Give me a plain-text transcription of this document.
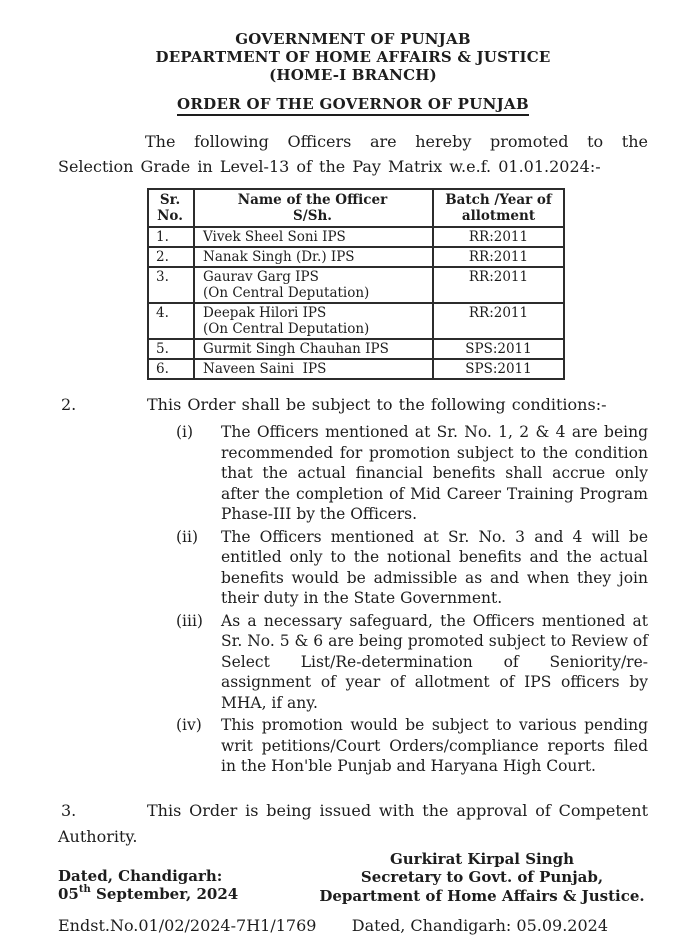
GOVERNMENT OF PUNJAB
DEPARTMENT OF HOME AFFAIRS & JUSTICE
(HOME-I BRANCH)
ORDER OF THE GOVERNOR OF PUNJAB

The following Officers are hereby promoted to the Selection Grade in Level-13 of the Pay Matrix w.e.f. 01.01.2024:-

Sr.
No.

Name of the Officer
S/Sh.

Batch /Year of
allotment

1.	Vivek Sheel Soni IPS	RR:2011
2.	Nanak Singh (Dr.) IPS	RR:2011
3.	Gaurav Garg IPS
(On Central Deputation)	RR:2011
4.	Deepak Hilori IPS
(On Central Deputation)	RR:2011
5.	Gurmit Singh Chauhan IPS	SPS:2011
6.	Naveen Saini  IPS	SPS:2011

2.	This Order shall be subject to the following conditions:-

(i)	The Officers mentioned at Sr. No. 1, 2 & 4 are being recommended for promotion subject to the condition that the actual financial benefits shall accrue only after the completion of Mid Career Training Program Phase-III by the Officers.
(ii)	The Officers mentioned at Sr. No. 3 and 4 will be entitled only to the notional benefits and the actual benefits would be admissible as and when they join their duty in the State Government.
(iii)	As a necessary safeguard, the Officers mentioned at Sr. No. 5 & 6 are being promoted subject to Review of Select List/Re-determination of Seniority/re-assignment of year of allotment of IPS officers by MHA, if any.
(iv)	This promotion would be subject to various pending writ petitions/Court Orders/compliance reports filed in the Hon'ble Punjab and Haryana High Court.

3.	This Order is being issued with the approval of Competent Authority.

Dated, Chandigarh:
05th September, 2024
Gurkirat Kirpal Singh
Secretary to Govt. of Punjab,
Department of Home Affairs & Justice.
Endst.No.01/02/2024-7H1/1769 Dated, Chandigarh: 05.09.2024
